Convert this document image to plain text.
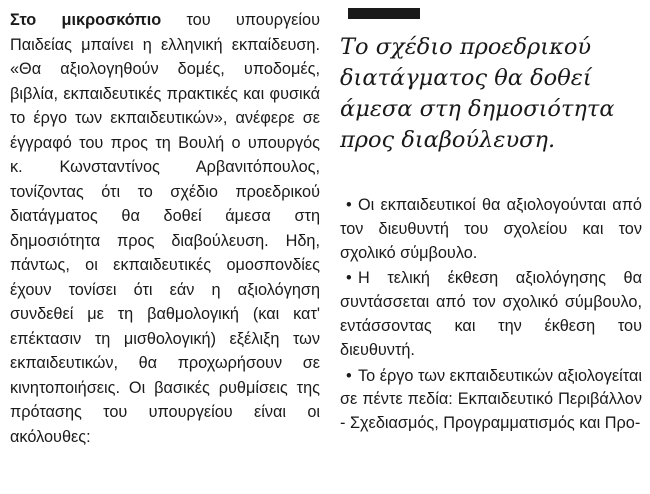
Στο μικροσκόπιο του υπουργείου Παιδείας μπαίνει η ελληνική εκπαίδευση. «Θα αξιολογηθούν δομές, υποδομές, βιβλία, εκπαιδευτικές πρακτικές και φυσικά το έργο των εκπαιδευτικών», ανέφερε σε έγγραφό του προς τη Βουλή ο υπουργός κ. Κωνσταντίνος Αρβανιτόπουλος, τονίζοντας ότι το σχέδιο προεδρικού διατάγματος θα δοθεί άμεσα στη δημοσιότητα προς διαβούλευση. Ηδη, πάντως, οι εκπαιδευτικές ομοσπονδίες έχουν τονίσει ότι εάν η αξιολόγηση συνδεθεί με τη βαθμολογική (και κατ' επέκτασιν τη μισθολογική) εξέλιξη των εκπαιδευτικών, θα προχωρήσουν σε κινητοποιήσεις. Οι βασικές ρυθμίσεις της πρότασης του υπουργείου είναι οι ακόλουθες:

Το σχέδιο προεδρικού διατάγματος θα δοθεί άμεσα στη δημοσιότητα προς διαβούλευση.

• Οι εκπαιδευτικοί θα αξιολογούνται από τον διευθυντή του σχολείου και τον σχολικό σύμβουλο.
• Η τελική έκθεση αξιολόγησης θα συντάσσεται από τον σχολικό σύμβουλο, εντάσσοντας και την έκθεση του διευθυντή.
• Το έργο των εκπαιδευτικών αξιολογείται σε πέντε πεδία: Εκπαιδευτικό Περιβάλλον - Σχεδιασμός, Προγραμματισμός και Προ-
